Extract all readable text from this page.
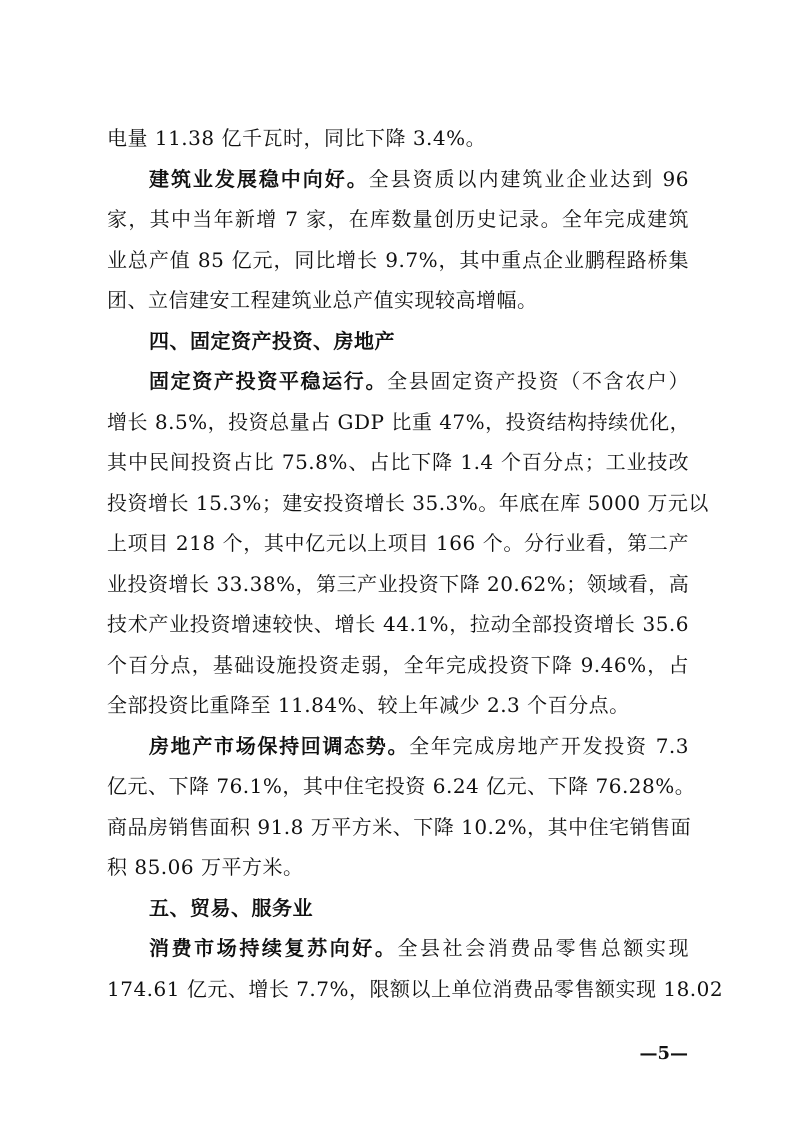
电量 11.38 亿千瓦时，同比下降 3.4%。
建筑业发展稳中向好。全县资质以内建筑业企业达到 96
家，其中当年新增 7 家，在库数量创历史记录。全年完成建筑
业总产值 85 亿元，同比增长 9.7%，其中重点企业鹏程路桥集
团、立信建安工程建筑业总产值实现较高增幅。
四、固定资产投资、房地产
固定资产投资平稳运行。全县固定资产投资（不含农户）
增长 8.5%，投资总量占 GDP 比重 47%，投资结构持续优化，
其中民间投资占比 75.8%、占比下降 1.4 个百分点；工业技改
投资增长 15.3%；建安投资增长 35.3%。年底在库 5000 万元以
上项目 218 个，其中亿元以上项目 166 个。分行业看，第二产
业投资增长 33.38%，第三产业投资下降 20.62%；领域看，高
技术产业投资增速较快、增长 44.1%，拉动全部投资增长 35.6
个百分点，基础设施投资走弱，全年完成投资下降 9.46%，占
全部投资比重降至 11.84%、较上年减少 2.3 个百分点。
房地产市场保持回调态势。全年完成房地产开发投资 7.3
亿元、下降 76.1%，其中住宅投资 6.24 亿元、下降 76.28%。
商品房销售面积 91.8 万平方米、下降 10.2%，其中住宅销售面
积 85.06 万平方米。
五、贸易、服务业
消费市场持续复苏向好。全县社会消费品零售总额实现
174.61 亿元、增长 7.7%，限额以上单位消费品零售额实现 18.02
—5—
